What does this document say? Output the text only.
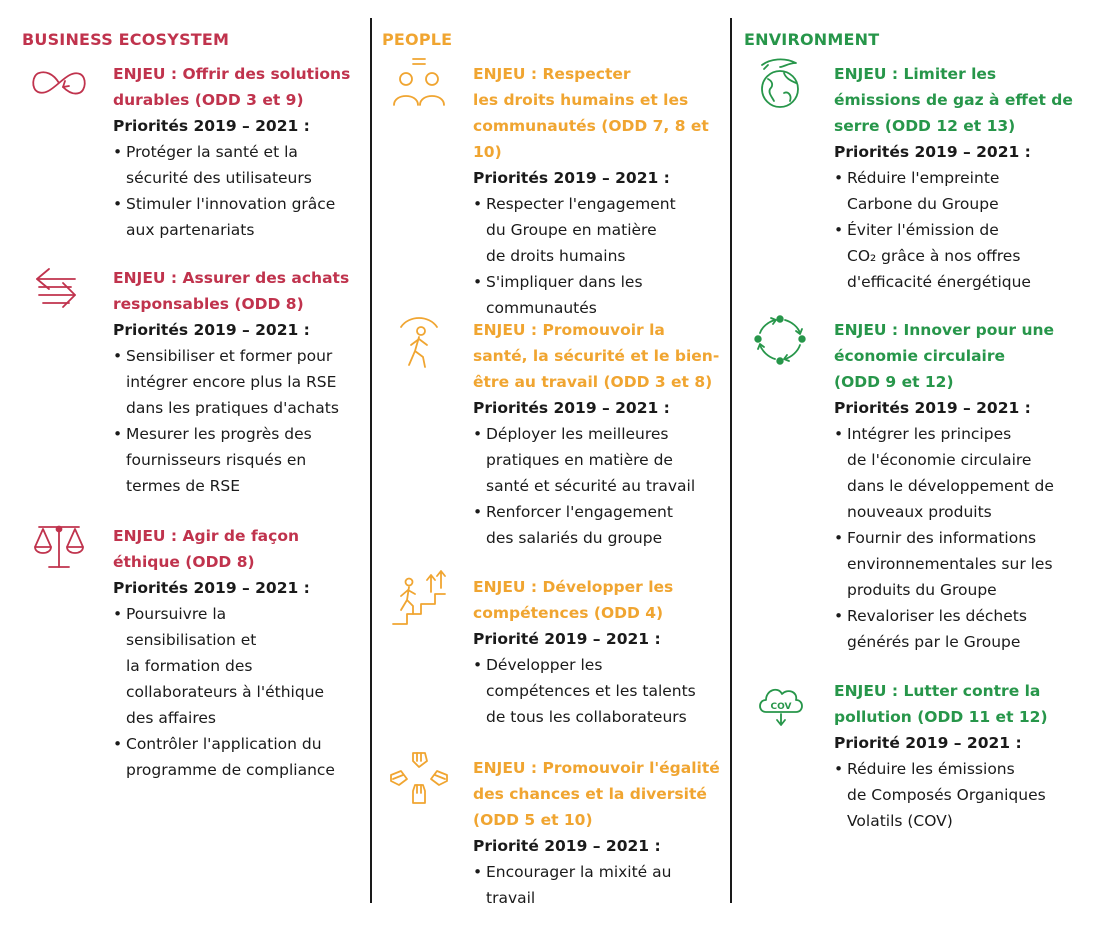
BUSINESS ECOSYSTEM

ENJEU : Offrir des solutions
durables (ODD 3 et 9)

Priorités 2019 – 2021 :

• Protéger la santé et la
sécurité des utilisateurs
• Stimuler l'innovation grâce
aux partenariats

ENJEU : Assurer des achats
responsables (ODD 8)

Priorités 2019 – 2021 :

• Sensibiliser et former pour
intégrer encore plus la RSE
dans les pratiques d'achats
• Mesurer les progrès des
fournisseurs risqués en
termes de RSE

ENJEU : Agir de façon
éthique (ODD 8)

Priorités 2019 – 2021 :

• Poursuivre la
sensibilisation et
la formation des
collaborateurs à l'éthique
des affaires
• Contrôler l'application du
programme de compliance
PEOPLE

ENJEU : Respecter
les droits humains et les
communautés (ODD 7, 8 et 10)

Priorités 2019 – 2021 :

• Respecter l'engagement
du Groupe en matière
de droits humains
• S'impliquer dans les
communautés

ENJEU : Promouvoir la
santé, la sécurité et le bien-
être au travail (ODD 3 et 8)

Priorités 2019 – 2021 :

• Déployer les meilleures
pratiques en matière de
santé et sécurité au travail
• Renforcer l'engagement
des salariés du groupe

ENJEU : Développer les
compétences (ODD 4)

Priorité 2019 – 2021 :

• Développer les
compétences et les talents
de tous les collaborateurs

ENJEU : Promouvoir l'égalité
des chances et la diversité
(ODD 5 et 10)

Priorité 2019 – 2021 :

• Encourager la mixité au
travail
ENVIRONMENT

ENJEU : Limiter les
émissions de gaz à effet de
serre (ODD 12 et 13)

Priorités 2019 – 2021 :

• Réduire l'empreinte
Carbone du Groupe
• Éviter l'émission de
CO₂ grâce à nos offres
d'efficacité énergétique

ENJEU : Innover pour une
économie circulaire
(ODD 9 et 12)

Priorités 2019 – 2021 :

• Intégrer les principes
de l'économie circulaire
dans le développement de
nouveaux produits
• Fournir des informations
environnementales sur les
produits du Groupe
• Revaloriser les déchets
générés par le Groupe
COV

ENJEU : Lutter contre la
pollution (ODD 11 et 12)

Priorité 2019 – 2021 :

• Réduire les émissions
de Composés Organiques
Volatils (COV)
